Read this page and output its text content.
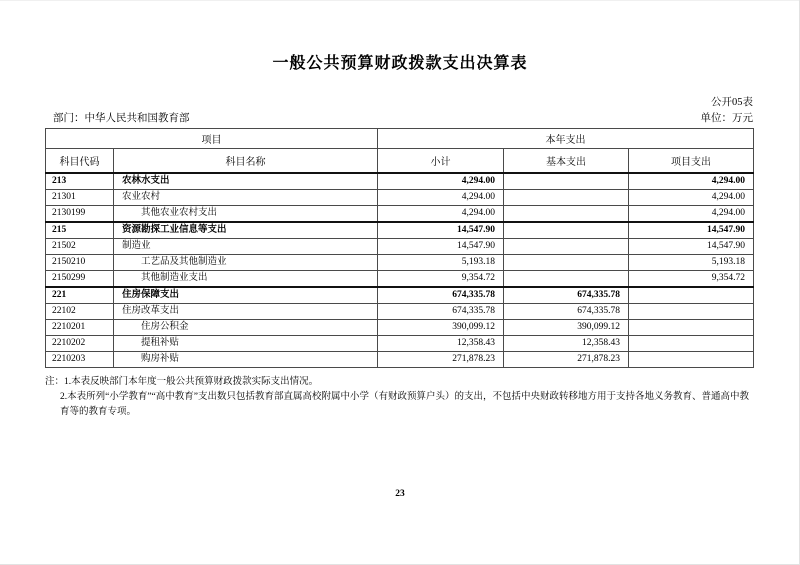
一般公共预算财政拨款支出决算表
公开05表
部门：中华人民共和国教育部	单位：万元
项目		本年支出		
科目代码	科目名称	小计	基本支出	项目支出
213	农林水支出	4,294.00		4,294.00
21301	农业农村	4,294.00		4,294.00
2130199	其他农业农村支出	4,294.00		4,294.00
215	资源勘探工业信息等支出	14,547.90		14,547.90
21502	制造业	14,547.90		14,547.90
2150210	工艺品及其他制造业	5,193.18		5,193.18
2150299	其他制造业支出	9,354.72		9,354.72
221	住房保障支出	674,335.78	674,335.78	
22102	住房改革支出	674,335.78	674,335.78	
2210201	住房公积金	390,099.12	390,099.12	
2210202	提租补贴	12,358.43	12,358.43	
2210203	购房补贴	271,878.23	271,878.23	
注：1.本表反映部门本年度一般公共预算财政拨款实际支出情况。
2.本表所列“小学教育”“高中教育”支出数只包括教育部直属高校附属中小学（有财政预算户头）的支出，不包括中央财政转移地方用于支持各地义务教育、普通高中教育等的教育专项。
23
